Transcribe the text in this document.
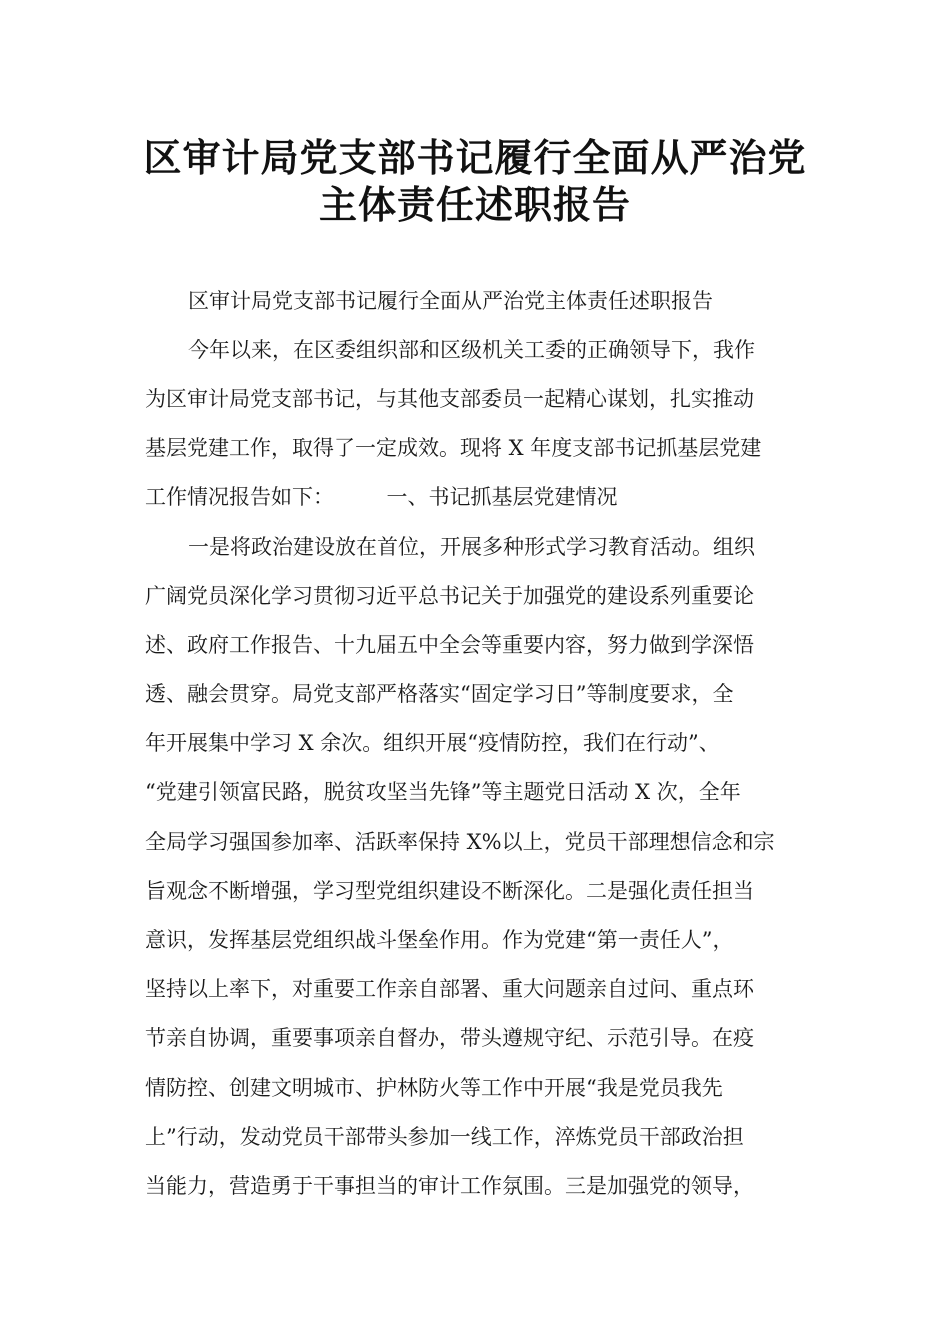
区审计局党支部书记履行全面从严治党
主体责任述职报告
区审计局党支部书记履行全面从严治党主体责任述职报告
今年以来，在区委组织部和区级机关工委的正确领导下，我作
为区审计局党支部书记，与其他支部委员一起精心谋划，扎实推动
基层党建工作，取得了一定成效。现将 X 年度支部书记抓基层党建
工作情况报告如下：　　　一、书记抓基层党建情况
一是将政治建设放在首位，开展多种形式学习教育活动。组织
广阔党员深化学习贯彻习近平总书记关于加强党的建设系列重要论
述、政府工作报告、十九届五中全会等重要内容，努力做到学深悟
透、融会贯穿。局党支部严格落实“固定学习日”等制度要求，全
年开展集中学习 X 余次。组织开展“疫情防控，我们在行动”、
“党建引领富民路，脱贫攻坚当先锋”等主题党日活动 X 次，全年
全局学习强国参加率、活跃率保持 X%以上，党员干部理想信念和宗
旨观念不断增强，学习型党组织建设不断深化。二是强化责任担当
意识，发挥基层党组织战斗堡垒作用。作为党建“第一责任人”，
坚持以上率下，对重要工作亲自部署、重大问题亲自过问、重点环
节亲自协调，重要事项亲自督办，带头遵规守纪、示范引导。在疫
情防控、创建文明城市、护林防火等工作中开展“我是党员我先
上”行动，发动党员干部带头参加一线工作，淬炼党员干部政治担
当能力，营造勇于干事担当的审计工作氛围。三是加强党的领导，
